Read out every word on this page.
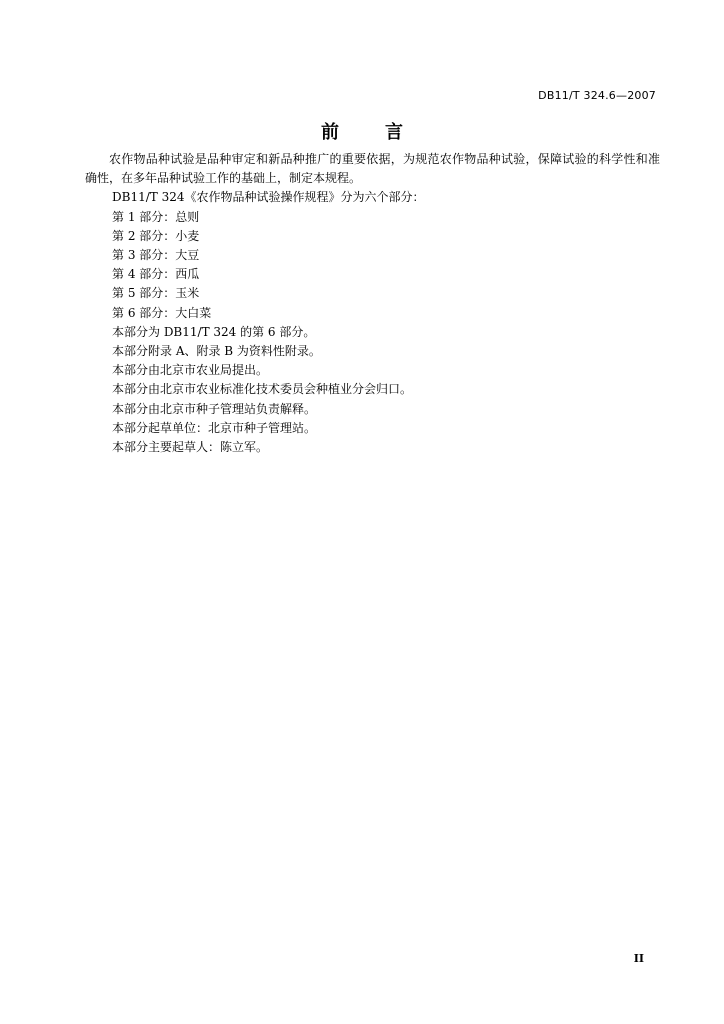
DB11/T 324.6—2007
前　言

农作物品种试验是品种审定和新品种推广的重要依据，为规范农作物品种试验，保障试验的科学性和准确性，在多年品种试验工作的基础上，制定本规程。

DB11/T 324《农作物品种试验操作规程》分为六个部分：

第 1 部分：总则

第 2 部分：小麦

第 3 部分：大豆

第 4 部分：西瓜

第 5 部分：玉米

第 6 部分：大白菜

本部分为 DB11/T 324 的第 6 部分。

本部分附录 A、附录 B 为资料性附录。

本部分由北京市农业局提出。

本部分由北京市农业标准化技术委员会种植业分会归口。

本部分由北京市种子管理站负责解释。

本部分起草单位：北京市种子管理站。

本部分主要起草人：陈立军。

II
